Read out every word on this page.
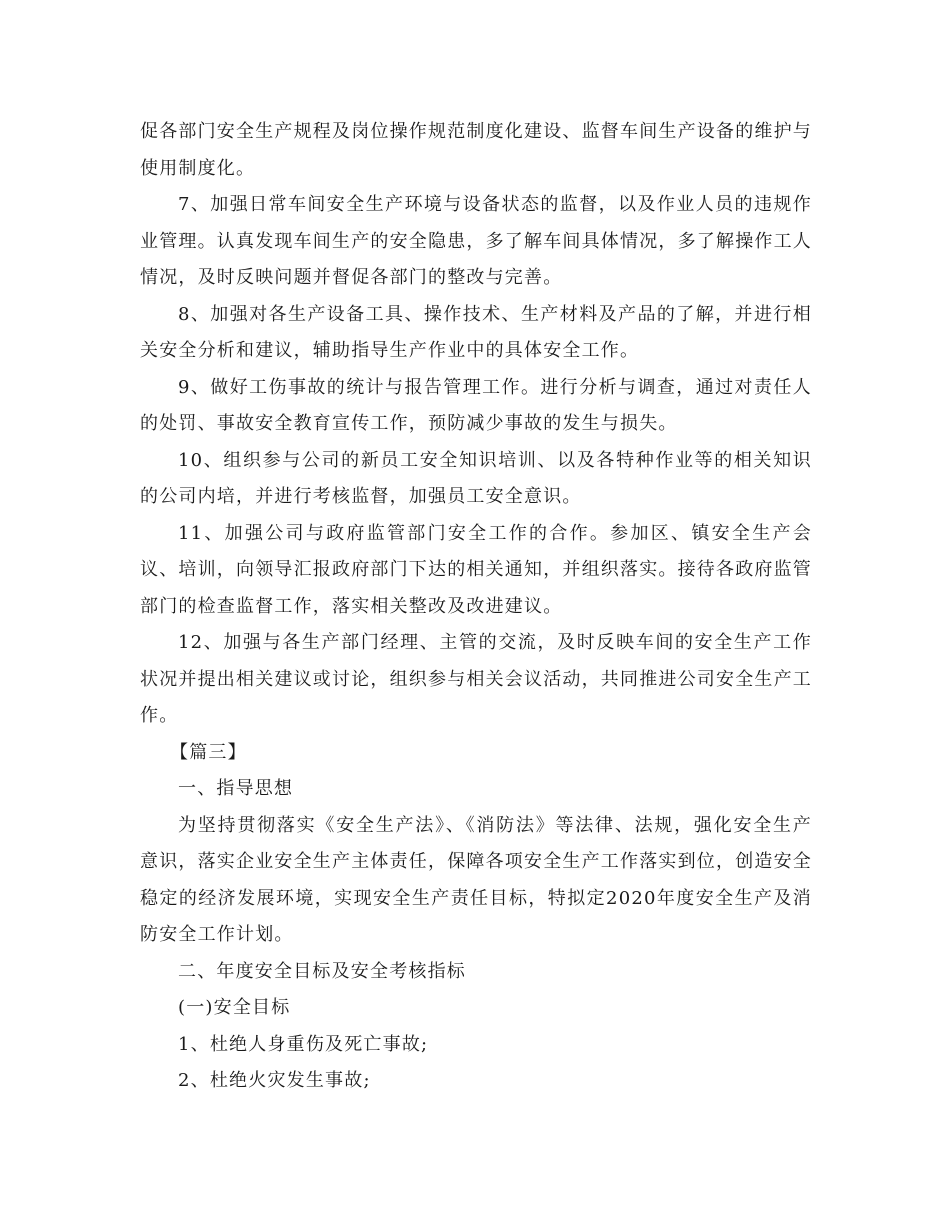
促各部门安全生产规程及岗位操作规范制度化建设、监督车间生产设备的维护与使用制度化。

7、加强日常车间安全生产环境与设备状态的监督，以及作业人员的违规作业管理。认真发现车间生产的安全隐患，多了解车间具体情况，多了解操作工人情况，及时反映问题并督促各部门的整改与完善。

8、加强对各生产设备工具、操作技术、生产材料及产品的了解，并进行相关安全分析和建议，辅助指导生产作业中的具体安全工作。

9、做好工伤事故的统计与报告管理工作。进行分析与调查，通过对责任人的处罚、事故安全教育宣传工作，预防减少事故的发生与损失。

10、组织参与公司的新员工安全知识培训、以及各特种作业等的相关知识的公司内培，并进行考核监督，加强员工安全意识。

11、加强公司与政府监管部门安全工作的合作。参加区、镇安全生产会议、培训，向领导汇报政府部门下达的相关通知，并组织落实。接待各政府监管部门的检查监督工作，落实相关整改及改进建议。

12、加强与各生产部门经理、主管的交流，及时反映车间的安全生产工作状况并提出相关建议或讨论，组织参与相关会议活动，共同推进公司安全生产工作。

【篇三】

一、指导思想

为坚持贯彻落实《安全生产法》、《消防法》等法律、法规，强化安全生产意识，落实企业安全生产主体责任，保障各项安全生产工作落实到位，创造安全稳定的经济发展环境，实现安全生产责任目标，特拟定2020年度安全生产及消防安全工作计划。

二、年度安全目标及安全考核指标

(一)安全目标

1、杜绝人身重伤及死亡事故;

2、杜绝火灾发生事故;
